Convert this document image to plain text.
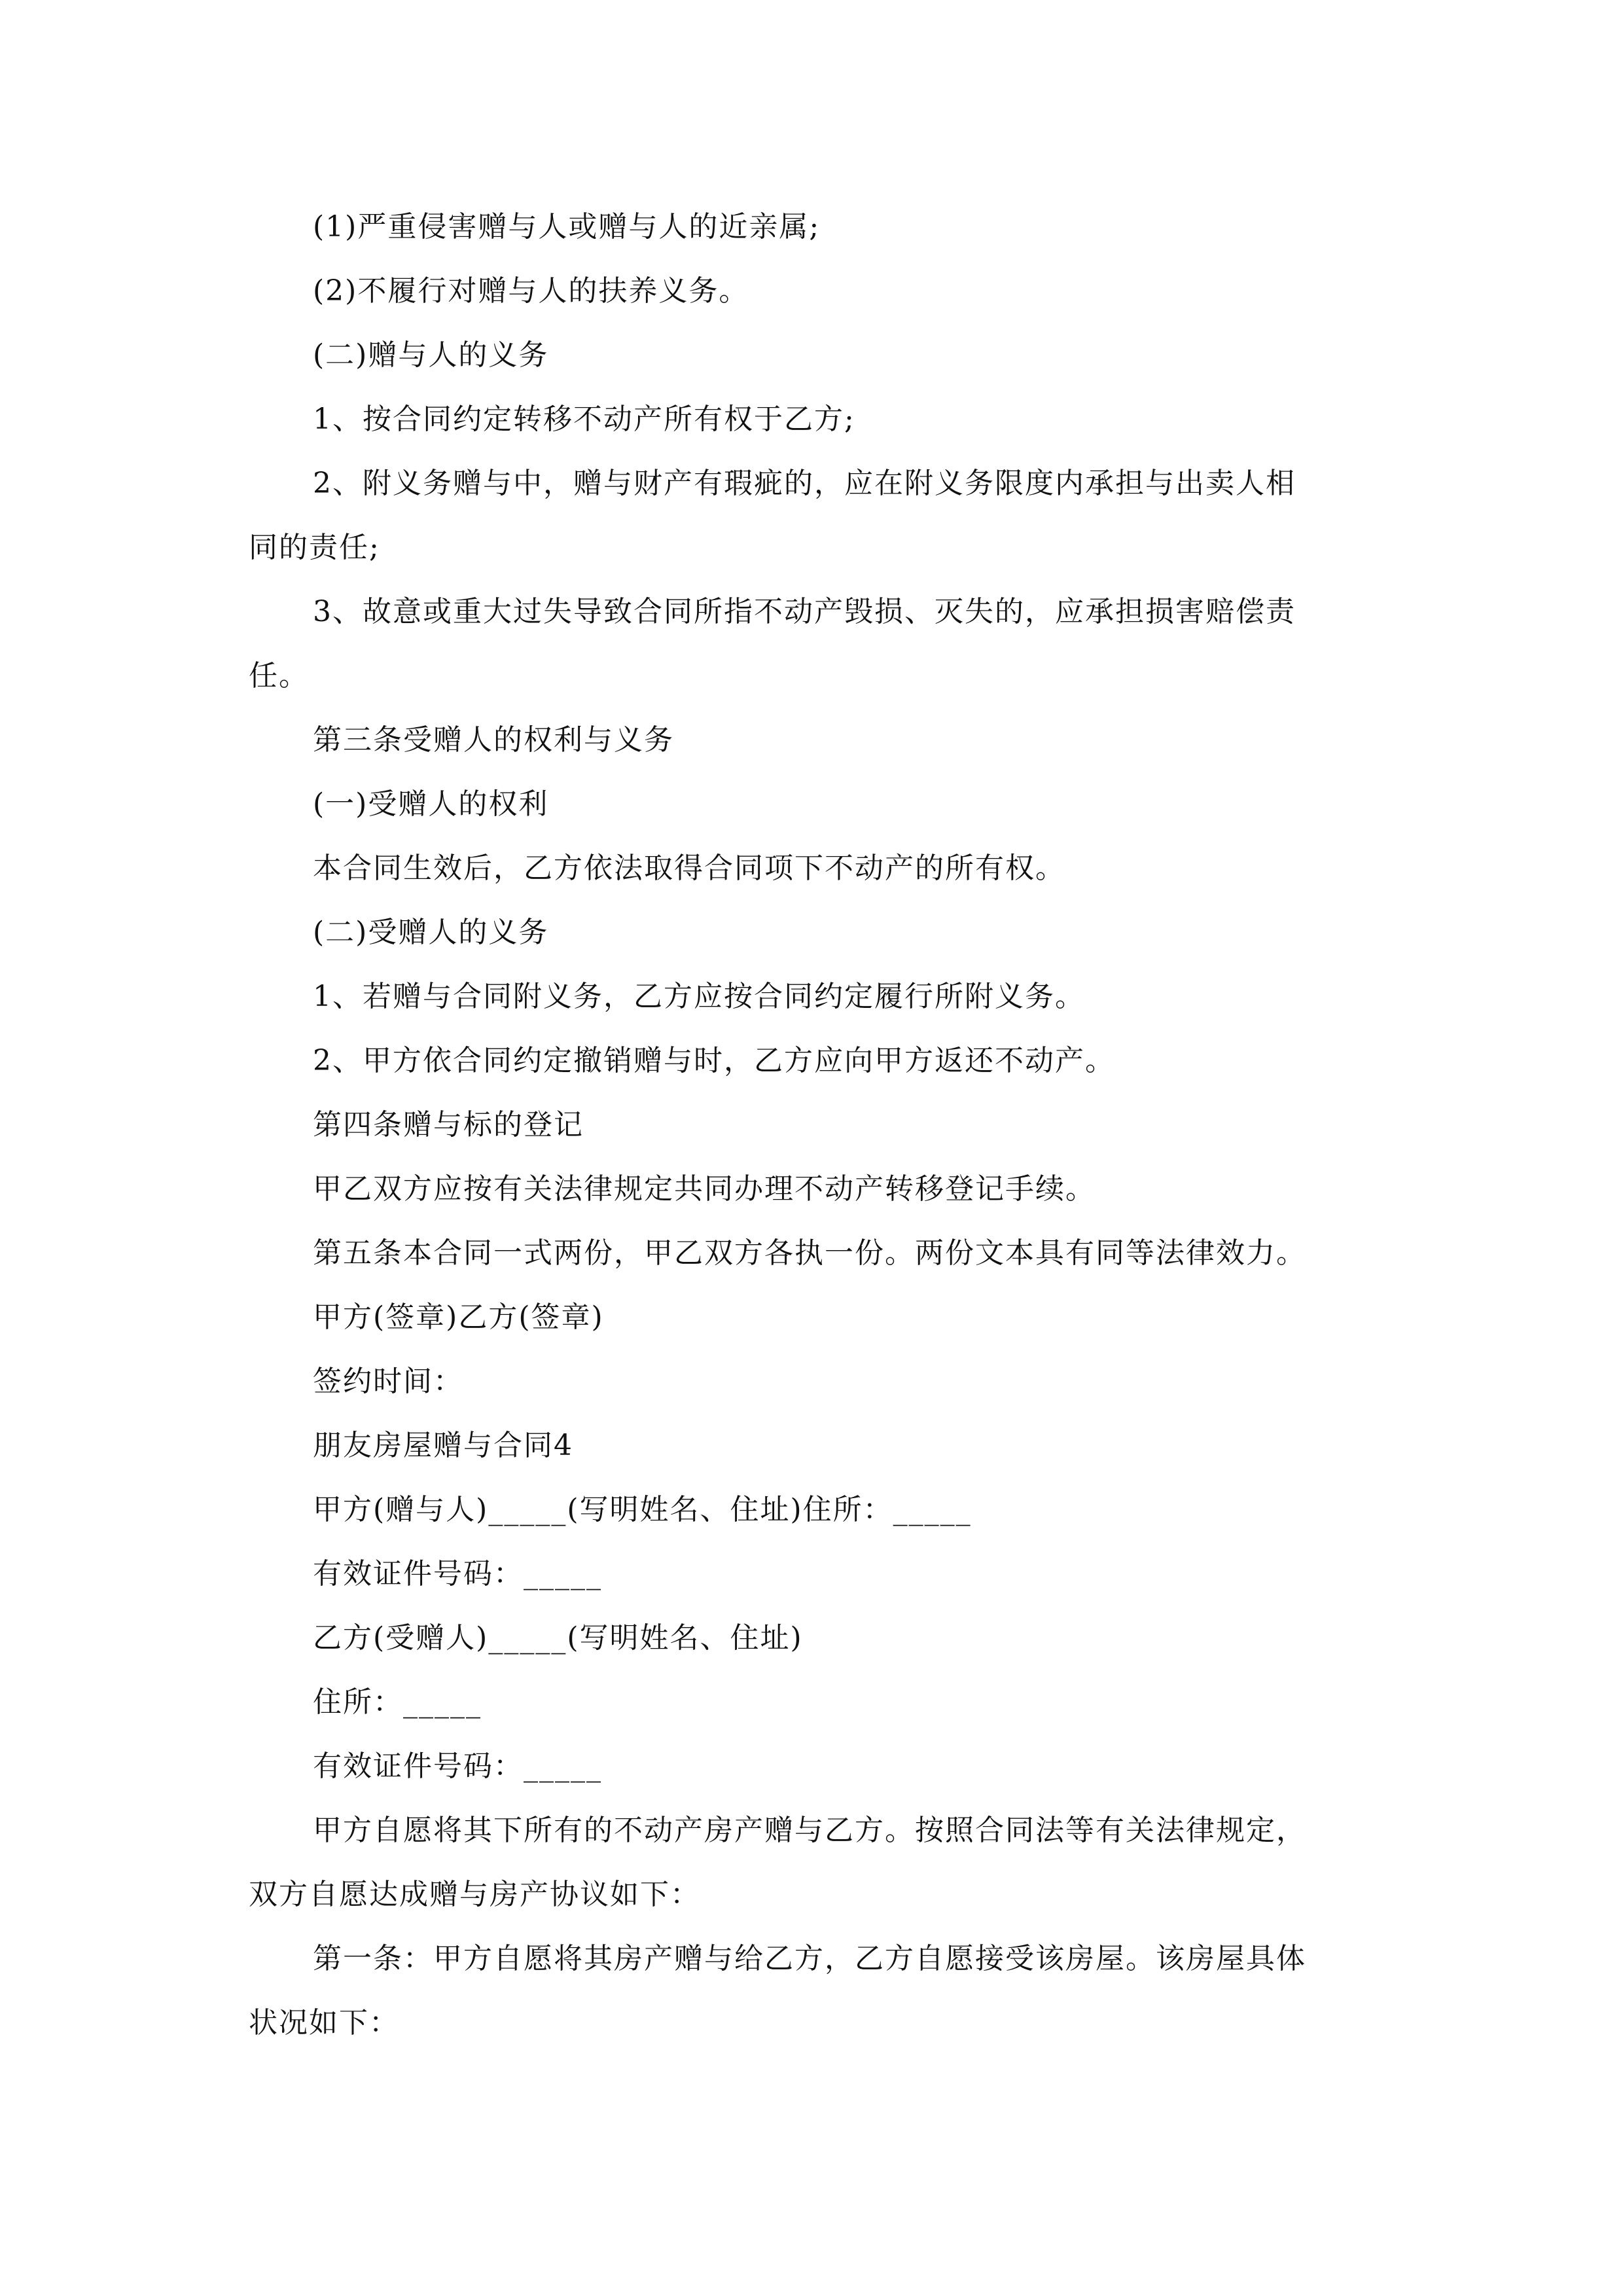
(1)严重侵害赠与人或赠与人的近亲属;
(2)不履行对赠与人的扶养义务。
(二)赠与人的义务
1、按合同约定转移不动产所有权于乙方;
2、附义务赠与中，赠与财产有瑕疵的，应在附义务限度内承担与出卖人相
同的责任;
3、故意或重大过失导致合同所指不动产毁损、灭失的，应承担损害赔偿责
任。
第三条受赠人的权利与义务
(一)受赠人的权利
本合同生效后，乙方依法取得合同项下不动产的所有权。
(二)受赠人的义务
1、若赠与合同附义务，乙方应按合同约定履行所附义务。
2、甲方依合同约定撤销赠与时，乙方应向甲方返还不动产。
第四条赠与标的登记
甲乙双方应按有关法律规定共同办理不动产转移登记手续。
第五条本合同一式两份，甲乙双方各执一份。两份文本具有同等法律效力。
甲方(签章)乙方(签章)
签约时间：
朋友房屋赠与合同4
甲方(赠与人)_____(写明姓名、住址)住所：_____
有效证件号码：_____
乙方(受赠人)_____(写明姓名、住址)
住所：_____
有效证件号码：_____
甲方自愿将其下所有的不动产房产赠与乙方。按照合同法等有关法律规定，
双方自愿达成赠与房产协议如下：
第一条：甲方自愿将其房产赠与给乙方，乙方自愿接受该房屋。该房屋具体
状况如下：
